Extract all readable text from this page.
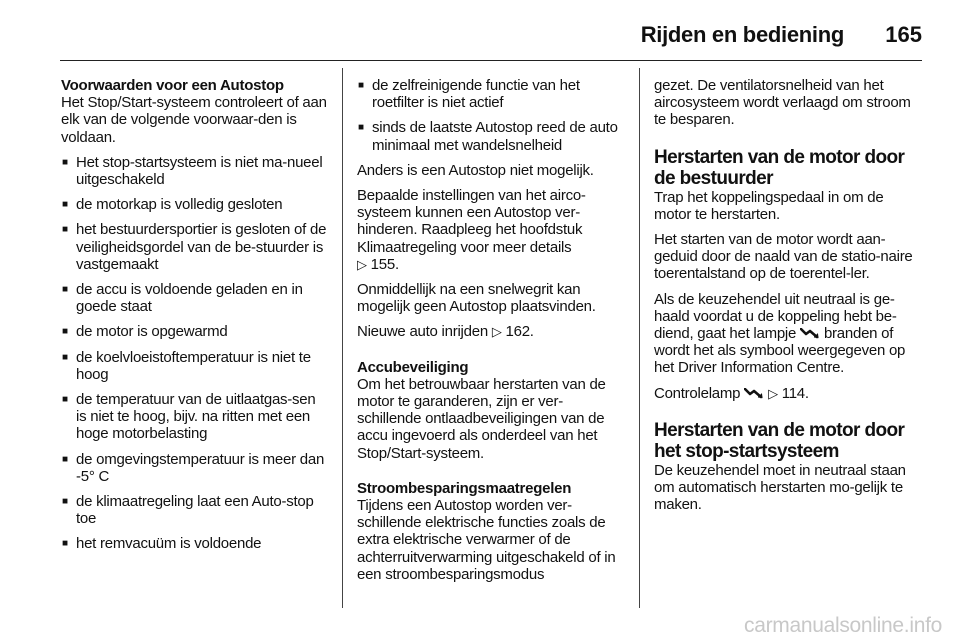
Rijden en bediening 165
Voorwaarden voor een Autostop
Het Stop/Start-systeem controleert of aan elk van de volgende voorwaar-den is voldaan.
■ Het stop-startsysteem is niet ma-nueel uitgeschakeld
■ de motorkap is volledig gesloten
■ het bestuurdersportier is gesloten of de veiligheidsgordel van de be-stuurder is vastgemaakt
■ de accu is voldoende geladen en in goede staat
■ de motor is opgewarmd
■ de koelvloeistoftemperatuur is niet te hoog
■ de temperatuur van de uitlaatgas-sen is niet te hoog, bijv. na ritten met een hoge motorbelasting
■ de omgevingstemperatuur is meer dan -5° C
■ de klimaatregeling laat een Auto-stop toe
■ het remvacuüm is voldoende
■ de zelfreinigende functie van het roetfilter is niet actief
■ sinds de laatste Autostop reed de auto minimaal met wandelsnelheid
Anders is een Autostop niet mogelijk.
Bepaalde instellingen van het airco-systeem kunnen een Autostop ver-hinderen. Raadpleeg het hoofdstuk Klimaatregeling voor meer details
▷ 155.
Onmiddellijk na een snelwegrit kan mogelijk geen Autostop plaatsvinden.
Nieuwe auto inrijden ▷ 162.
Accubeveiliging
Om het betrouwbaar herstarten van de motor te garanderen, zijn er ver-schillende ontlaadbeveiligingen van de accu ingevoerd als onderdeel van het Stop/Start-systeem.
Stroombesparingsmaatregelen
Tijdens een Autostop worden ver-schillende elektrische functies zoals de extra elektrische verwarmer of de achterruitverwarming uitgeschakeld of in een stroombesparingsmodus
gezet. De ventilatorsnelheid van het aircosysteem wordt verlaagd om stroom te besparen.
Herstarten van de motor door de bestuurder
Trap het koppelingspedaal in om de motor te herstarten.
Het starten van de motor wordt aan-geduid door de naald van de statio-naire toerentalstand op de toerentel-ler.
Als de keuzehendel uit neutraal is ge-haald voordat u de koppeling hebt be-diend, gaat het lampje branden of wordt het als symbool weergegeven op het Driver Information Centre.
Controlelamp ▷ 114.
Herstarten van de motor door het stop-startsysteem
De keuzehendel moet in neutraal staan om automatisch herstarten mo-gelijk te maken.
carmanualsonline.info
